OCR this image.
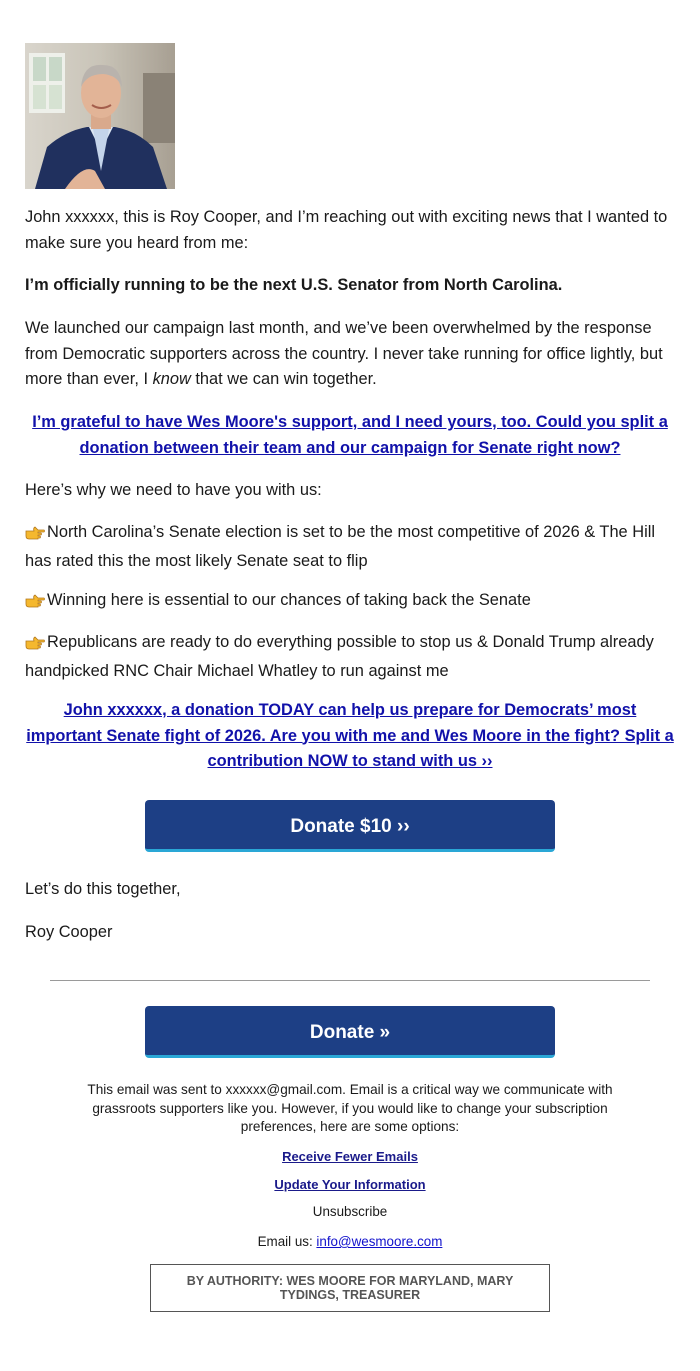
John xxxxxx, this is Roy Cooper, and I’m reaching out with exciting news that I wanted to make sure you heard from me:

I’m officially running to be the next U.S. Senator from North Carolina.

We launched our campaign last month, and we’ve been overwhelmed by the response from Democratic supporters across the country. I never take running for office lightly, but more than ever, I know that we can win together.

I’m grateful to have Wes Moore's support, and I need yours, too. Could you split a donation between their team and our campaign for Senate right now?

Here’s why we need to have you with us:

North Carolina’s Senate election is set to be the most competitive of 2026 & The Hill has rated this the most likely Senate seat to flip

Winning here is essential to our chances of taking back the Senate

Republicans are ready to do everything possible to stop us & Donald Trump already handpicked RNC Chair Michael Whatley to run against me

John xxxxxx, a donation TODAY can help us prepare for Democrats’ most important Senate fight of 2026. Are you with me and Wes Moore in the fight? Split a contribution NOW to stand with us ››

Donate $10 ››

Let’s do this together,

Roy Cooper

Donate »

This email was sent to xxxxxx@gmail.com. Email is a critical way we communicate with grassroots supporters like you. However, if you would like to change your subscription preferences, here are some options:

Receive Fewer Emails

Update Your Information

Unsubscribe

Email us: info@wesmoore.com

BY AUTHORITY: WES MOORE FOR MARYLAND, MARY TYDINGS, TREASURER
